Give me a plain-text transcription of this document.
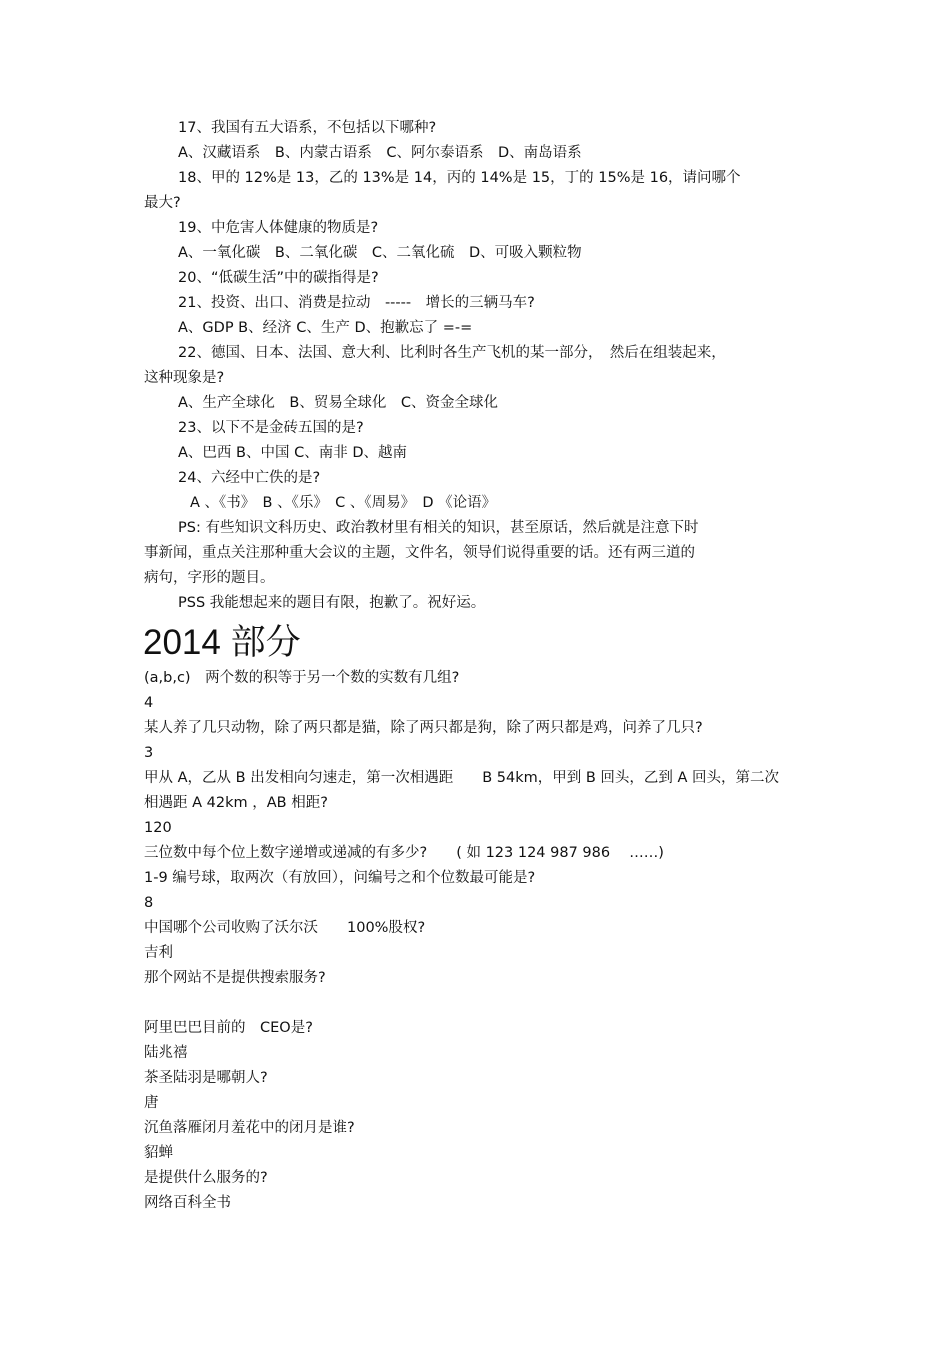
17、我国有五大语系，不包括以下哪种?
A、汉藏语系　B、内蒙古语系　C、阿尔泰语系　D、南岛语系
18、甲的 12%是 13，乙的 13%是 14，丙的 14%是 15，丁的 15%是 16，请问哪个
最大?
19、中危害人体健康的物质是?
A、一氧化碳　B、二氧化碳　C、二氧化硫　D、可吸入颗粒物
20、“低碳生活”中的碳指得是?
21、投资、出口、消费是拉动　-----　增长的三辆马车?
A、GDP B、经济 C、生产 D、抱歉忘了 =-=
22、德国、日本、法国、意大利、比利时各生产飞机的某一部分，　然后在组装起来，
这种现象是?
A、生产全球化　B、贸易全球化　C、资金全球化
23、以下不是金砖五国的是?
A、巴西 B、中国 C、南非 D、越南
24、六经中亡佚的是?
A 、《书》　B 、《乐》　C 、《周易》　D 《论语》
PS: 有些知识文科历史、政治教材里有相关的知识，甚至原话，然后就是注意下时
事新闻，重点关注那种重大会议的主题，文件名，领导们说得重要的话。还有两三道的
病句，字形的题目。
PSS 我能想起来的题目有限，抱歉了。祝好运。
2014 部分
(a,b,c)　两个数的积等于另一个数的实数有几组?
4
某人养了几只动物，除了两只都是猫，除了两只都是狗，除了两只都是鸡，问养了几只?
3
甲从 A，乙从 B 出发相向匀速走，第一次相遇距　　B 54km，甲到 B 回头，乙到 A 回头，第二次
相遇距 A 42km ，AB 相距?
120
三位数中每个位上数字递增或递减的有多少?　　( 如 123 124 987 986 　……)
1-9 编号球，取两次（有放回），问编号之和个位数最可能是?
8
中国哪个公司收购了沃尔沃　　100%股权?
吉利
那个网站不是提供搜索服务?
阿里巴巴目前的　CEO是?
陆兆禧
茶圣陆羽是哪朝人?
唐
沉鱼落雁闭月羞花中的闭月是谁?
貂蝉
是提供什么服务的?
网络百科全书
